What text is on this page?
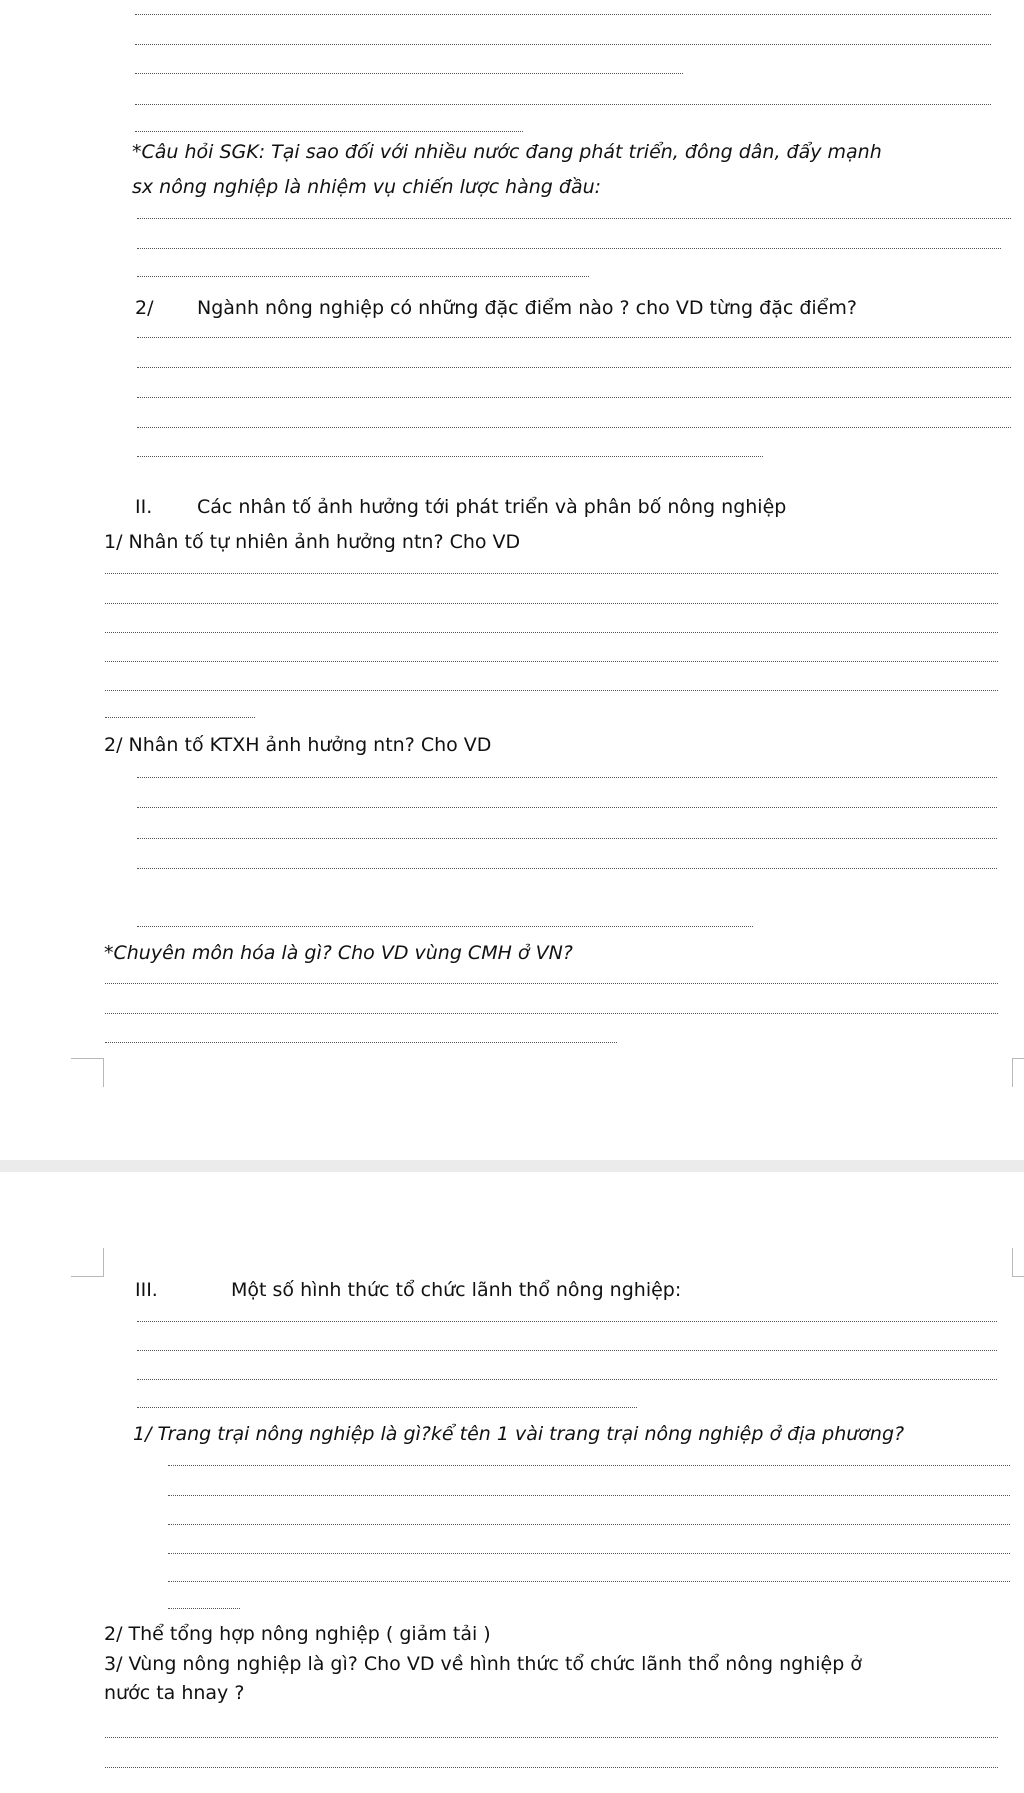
*Câu hỏi SGK: Tại sao đối với nhiều nước đang phát triển, đông dân, đẩy mạnh
sx nông nghiệp là nhiệm vụ chiến lược hàng đầu:
2/ Ngành nông nghiệp có những đặc điểm nào ? cho VD từng đặc điểm?
II. Các nhân tố ảnh hưởng tới phát triển và phân bố nông nghiệp
1/ Nhân tố tự nhiên ảnh hưởng ntn? Cho VD
2/ Nhân tố KTXH ảnh hưởng ntn? Cho VD
*Chuyên môn hóa là gì? Cho VD vùng CMH ở VN?
III.	Một số hình thức tổ chức lãnh thổ nông nghiệp:
1/ Trang trại nông nghiệp là gì?kể tên 1 vài trang trại nông nghiệp ở địa phương?
2/ Thể tổng hợp nông nghiệp ( giảm tải )
3/ Vùng nông nghiệp là gì? Cho VD về hình thức tổ chức lãnh thổ nông nghiệp ở
nước ta hnay ?
